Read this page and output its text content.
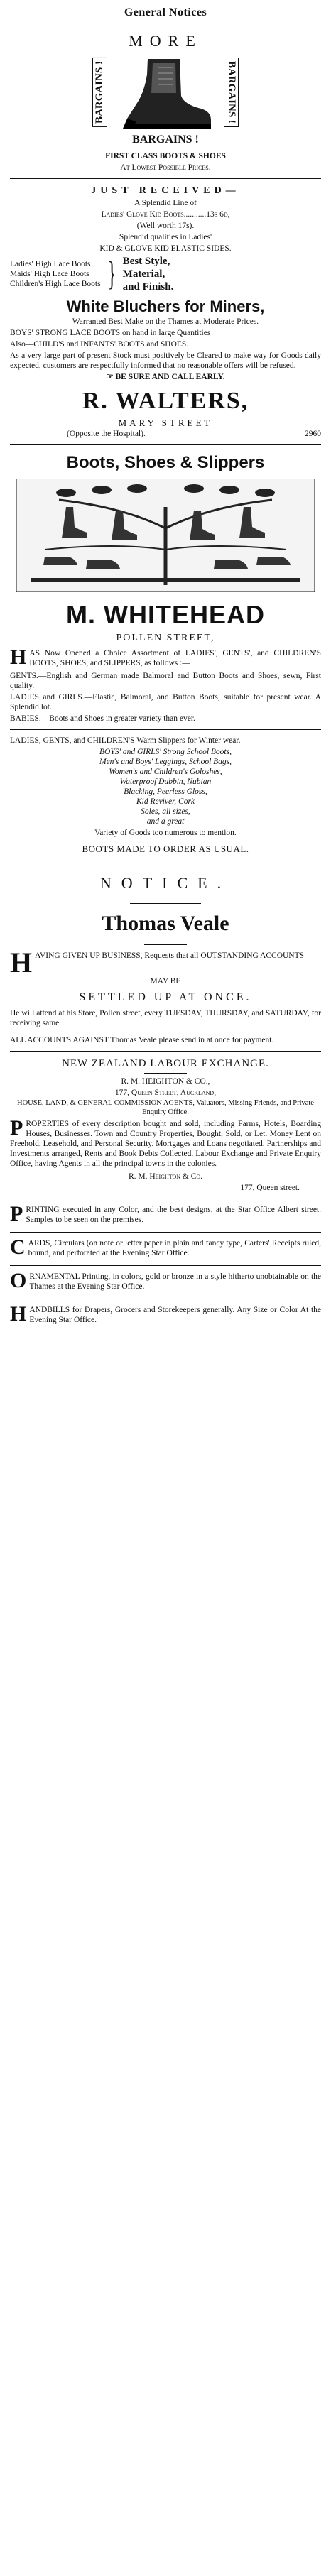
General Notices
MORE
BARGAINS !	BARGAINS !
BARGAINS !

FIRST CLASS BOOTS & SHOES

At Lowest Possible Prices.

JUST RECEIVED—

A Splendid Line of

Ladies' Glove Kid Boots...........13s 6d,

(Well worth 17s).

Splendid qualities in Ladies'

KID & GLOVE KID ELASTIC SIDES.

Ladies' High Lace Boots
Maids' High Lace Boots
Children's High Lace Boots } Best Style,
Material,
and Finish.

White Bluchers for Miners,

Warranted Best Make on the Thames at Moderate Prices.

BOYS' STRONG LACE BOOTS on hand in large Quantities

Also—CHILD'S and INFANTS' BOOTS and SHOES.

As a very large part of present Stock must positively be Cleared to make way for Goods daily expected, customers are respectfully informed that no reasonable offers will be refused.

☞ BE SURE AND CALL EARLY.

R. WALTERS,
MARY STREET
(Opposite the Hospital).	2960
Boots, Shoes & Slippers
M. WHITEHEAD
POLLEN STREET,

HAS Now Opened a Choice Assortment of LADIES', GENTS', and CHILDREN'S BOOTS, SHOES, and SLIPPERS, as follows :—

GENTS.—English and German made Balmoral and Button Boots and Shoes, sewn, First quality.

LADIES and GIRLS.—Elastic, Balmoral, and Button Boots, suitable for present wear. A Splendid lot.

BABIES.—Boots and Shoes in greater variety than ever.

LADIES, GENTS, and CHILDREN'S Warm Slippers for Winter wear.

BOYS' and GIRLS' Strong School Boots,
Men's and Boys' Leggings, School Bags,
Women's and Children's Goloshes,
Waterproof Dubbin, Nubian
Blacking, Peerless Gloss,
Kid Reviver, Cork
Soles, all sizes,
and a great

Variety of Goods too numerous to mention.

BOOTS MADE TO ORDER AS USUAL.
NOTICE.
Thomas Veale

HAVING GIVEN UP BUSINESS, Requests that all OUTSTANDING ACCOUNTS

MAY BE

SETTLED UP AT ONCE.

He will attend at his Store, Pollen street, every TUESDAY, THURSDAY, and SATURDAY, for receiving same.

ALL ACCOUNTS AGAINST Thomas Veale please send in at once for payment.

NEW ZEALAND LABOUR EXCHANGE.

R. M. HEIGHTON & CO.,

177, Queen Street, Auckland,

HOUSE, LAND, & GENERAL COMMISSION AGENTS, Valuators, Missing Friends, and Private Enquiry Office.

PROPERTIES of every description bought and sold, including Farms, Hotels, Boarding Houses, Businesses. Town and Country Properties, Bought, Sold, or Let. Money Lent on Freehold, Leasehold, and Personal Security. Mortgages and Loans negotiated. Partnerships and Investments arranged, Rents and Book Debts Collected. Labour Exchange and Private Enquiry Office, having Agents in all the principal towns in the colonies.

R. M. Heighton & Co.

177, Queen street.

PRINTING executed in any Color, and the best designs, at the Star Office Albert street. Samples to be seen on the premises.

CARDS, Circulars (on note or letter paper in plain and fancy type, Carters' Receipts ruled, bound, and perforated at the Evening Star Office.

ORNAMENTAL Printing, in colors, gold or bronze in a style hitherto unobtainable on the Thames at the Evening Star Office.

HANDBILLS for Drapers, Grocers and Storekeepers generally. Any Size or Color At the Evening Star Office.
